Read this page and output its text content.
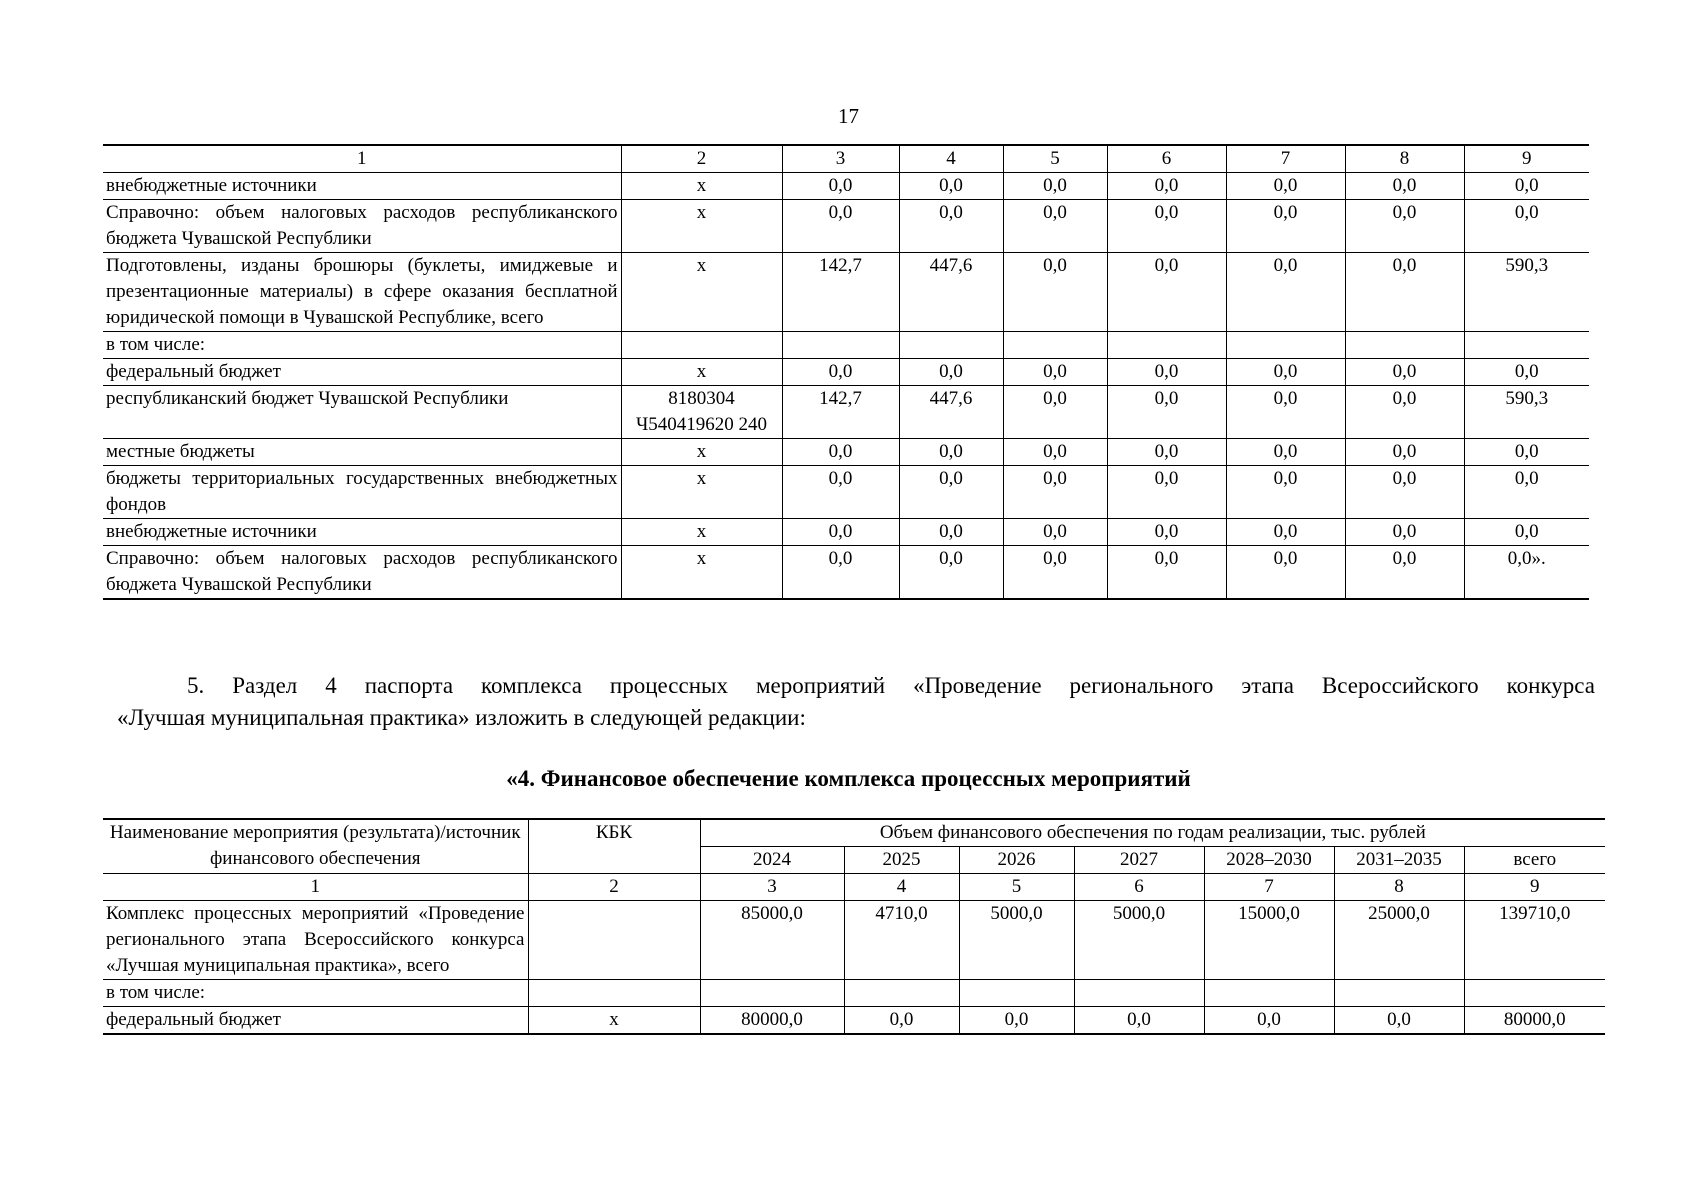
17
1	2	3	4	5	6	7	8	9
внебюджетные источники	х	0,0	0,0	0,0	0,0	0,0	0,0	0,0
Справочно: объем налоговых расходов республиканского бюджета Чувашской Республики	х	0,0	0,0	0,0	0,0	0,0	0,0	0,0
Подготовлены, изданы брошюры (буклеты, имиджевые и презентационные материалы) в сфере оказания бесплатной юридической помощи в Чувашской Республике, всего	х	142,7	447,6	0,0	0,0	0,0	0,0	590,3
в том числе:								
федеральный бюджет	х	0,0	0,0	0,0	0,0	0,0	0,0	0,0
республиканский бюджет Чувашской Республики	8180304 Ч540419620 240	142,7	447,6	0,0	0,0	0,0	0,0	590,3
местные бюджеты	х	0,0	0,0	0,0	0,0	0,0	0,0	0,0
бюджеты территориальных государственных внебюджетных фондов	х	0,0	0,0	0,0	0,0	0,0	0,0	0,0
внебюджетные источники	х	0,0	0,0	0,0	0,0	0,0	0,0	0,0
Справочно: объем налоговых расходов республиканского бюджета Чувашской Республики	х	0,0	0,0	0,0	0,0	0,0	0,0	0,0».
5. Раздел 4 паспорта комплекса процессных мероприятий «Проведение регионального этапа Всероссийского конкурса
«Лучшая муниципальная практика» изложить в следующей редакции:
«4. Финансовое обеспечение комплекса процессных мероприятий
Наименование мероприятия (результата)/источник финансового обеспечения	КБК	Объем финансового обеспечения по годам реализации, тыс. рублей						
		2024	2025	2026	2027	2028–2030	2031–2035	всего
1	2	3	4	5	6	7	8	9
Комплекс процессных мероприятий «Проведение регионального этапа Всероссийского конкурса «Лучшая муниципальная практика», всего		85000,0	4710,0	5000,0	5000,0	15000,0	25000,0	139710,0
в том числе:								
федеральный бюджет	х	80000,0	0,0	0,0	0,0	0,0	0,0	80000,0
